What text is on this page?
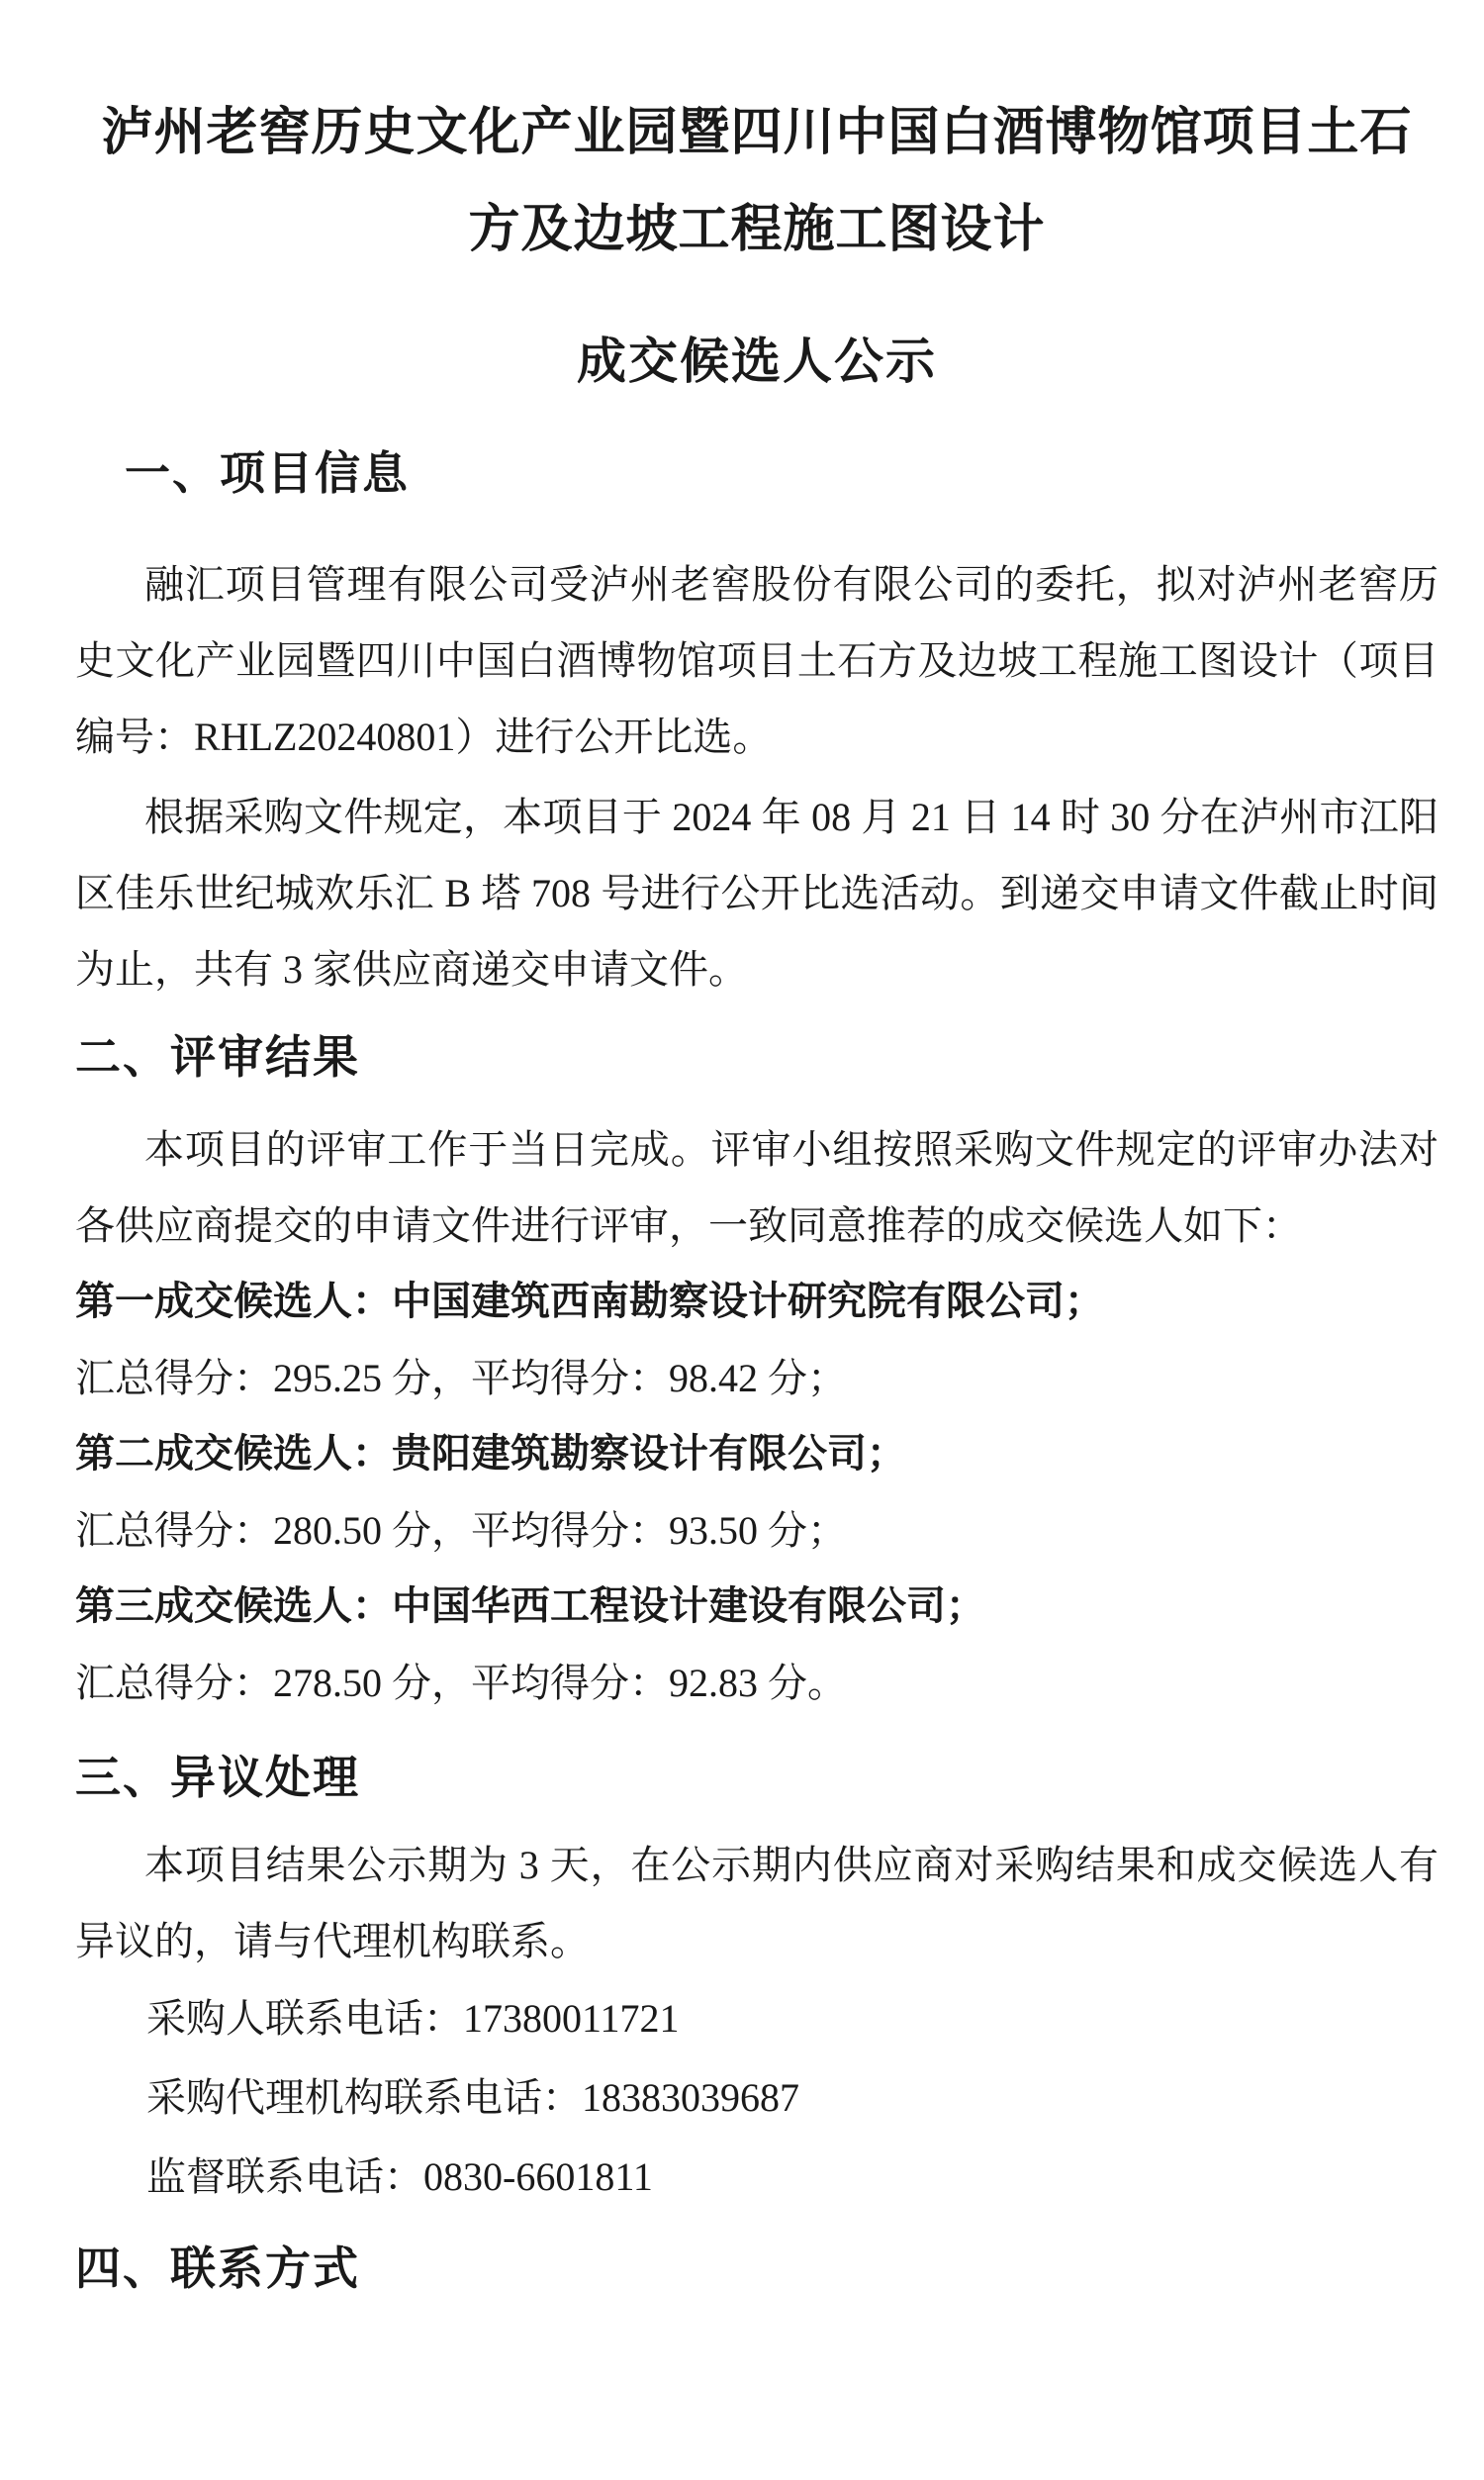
泸州老窖历史文化产业园暨四川中国白酒博物馆项目土石
方及边坡工程施工图设计
成交候选人公示
一、项目信息

融汇项目管理有限公司受泸州老窖股份有限公司的委托，拟对泸州老窖历史文化产业园暨四川中国白酒博物馆项目土石方及边坡工程施工图设计（项目编号：RHLZ20240801）进行公开比选。

根据采购文件规定，本项目于 2024 年 08 月 21 日 14 时 30 分在泸州市江阳区佳乐世纪城欢乐汇 B 塔 708 号进行公开比选活动。到递交申请文件截止时间为止，共有 3 家供应商递交申请文件。

二、评审结果

本项目的评审工作于当日完成。评审小组按照采购文件规定的评审办法对各供应商提交的申请文件进行评审，一致同意推荐的成交候选人如下：

第一成交候选人：中国建筑西南勘察设计研究院有限公司；

汇总得分：295.25 分，平均得分：98.42 分；

第二成交候选人：贵阳建筑勘察设计有限公司；

汇总得分：280.50 分，平均得分：93.50 分；

第三成交候选人：中国华西工程设计建设有限公司；

汇总得分：278.50 分，平均得分：92.83 分。

三、异议处理

本项目结果公示期为 3 天，在公示期内供应商对采购结果和成交候选人有异议的，请与代理机构联系。

采购人联系电话：17380011721

采购代理机构联系电话：18383039687

监督联系电话：0830-6601811

四、联系方式
